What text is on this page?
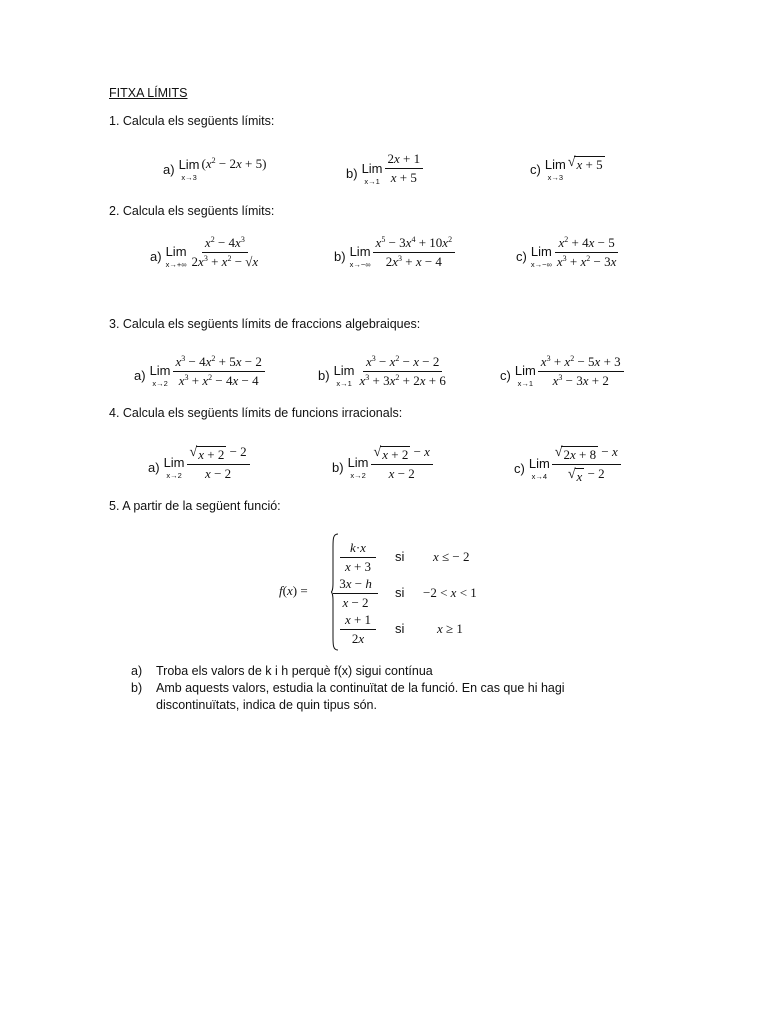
FITXA LÍMITS
1. Calcula els següents límits:
a) Lim
x→3
$(x^2 - 2x + 5)$
b) Lim
$x\to 1 \frac{2x + 1}{x + 5}$	c) Lim
x→3
√ x + 5
2. Calcula els següents límits:
a) Lim
$x\to+\infty \frac{x^2 - 4x^3}{2x^3 + x^2 - √x}$	b) Lim
$x\to-\infty \frac{x^5 - 3x^4 + 10x^2}{2x^3 + x - 4}$	c) Lim
$x\to-\infty \frac{x^2 + 4x - 5}{x^3 + x^2 - 3x}$
3. Calcula els següents límits de fraccions algebraiques:
a) Lim
$x\to 2 \frac{x^3 - 4x^2 + 5x - 2}{x^3 + x^2 - 4x - 4}$	b) Lim
$x\to 1 \frac{x^3 - x^2 - x - 2}{x^3 + 3x^2 + 2x + 6}$	c) Lim
$x\to 1 \frac{x^3 + x^2 - 5x + 3}{x^3 - 3x + 2}$
4. Calcula els següents límits de funcions irracionals:
a) Lim
$x\to 2 \frac{√ x + 2 - 2}{x - 2}$	b) Lim
$x\to 2 \frac{√ x + 2 - x}{x - 2}$	c) Lim
$x\to 4 \frac{√ 2x + 8 - x}{√ x - 2}$
5. A partir de la següent funció:
f(x) =
$\frac{k\cdot x}{x + 3}$ si x ≤ − 2
$\frac{3x - h}{x - 2}$ si −2 < x < 1
$\frac{x + 1}{2x}$ si	x ≥ 1
a) Troba els valors de k i h perquè f(x) sigui contínua
b) Amb aquests valors, estudia la continuïtat de la funció. En cas que hi hagi discontinuïtats, indica de quin tipus són.
